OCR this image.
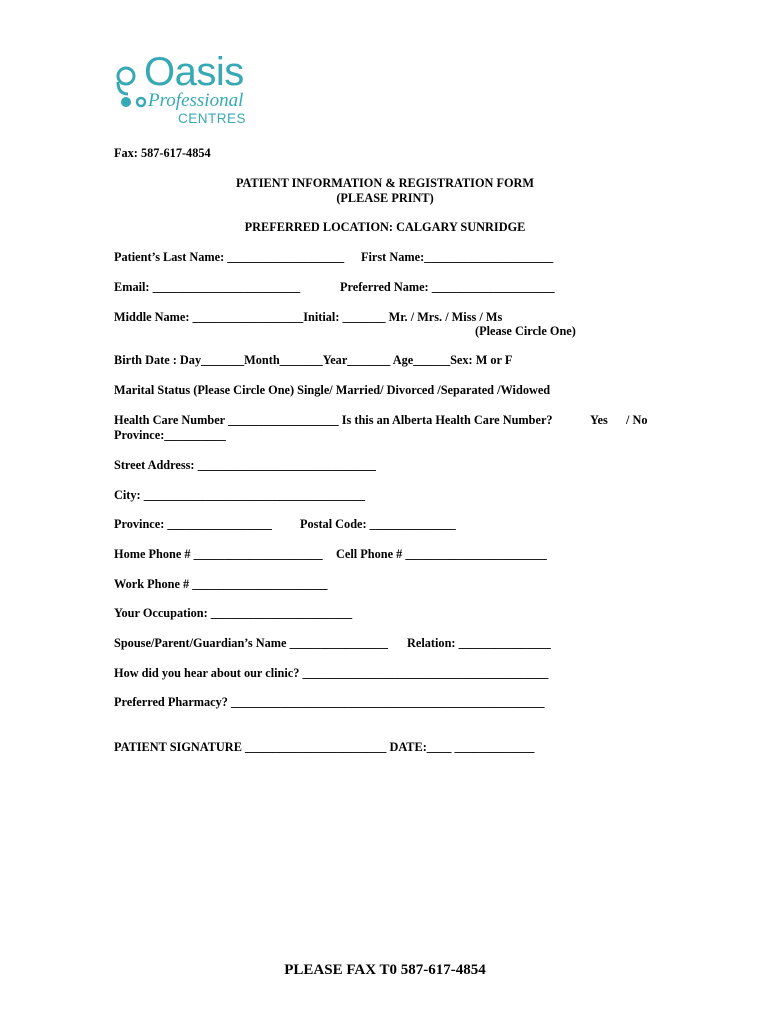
Oasis
Professional
CENTRES
Fax: 587-617-4854
PATIENT INFORMATION & REGISTRATION FORM
(PLEASE PRINT)
PREFERRED LOCATION: CALGARY SUNRIDGE
Patient’s Last Name: ___________________ First Name:_____________________
Email: ________________________	Preferred Name: ____________________
Middle Name: __________________Initial: _______ Mr. / Mrs. / Miss / Ms
(Please Circle One)
Birth Date : Day_______Month_______Year_______ Age______Sex: M or F
Marital Status (Please Circle One) Single/ Married/ Divorced /Separated /Widowed
Health Care Number __________________ Is this an Alberta Health Care Number?	Yes / No
Province:__________
Street Address: _____________________________
City: ____________________________________
Province: _________________ Postal Code: ______________
Home Phone # _____________________ Cell Phone # _______________________
Work Phone # ______________________
Your Occupation: _______________________
Spouse/Parent/Guardian’s Name ________________ Relation: _______________
How did you hear about our clinic? ________________________________________
Preferred Pharmacy? ___________________________________________________
PATIENT SIGNATURE _______________________ DATE:____ _____________
PLEASE FAX T0 587-617-4854
